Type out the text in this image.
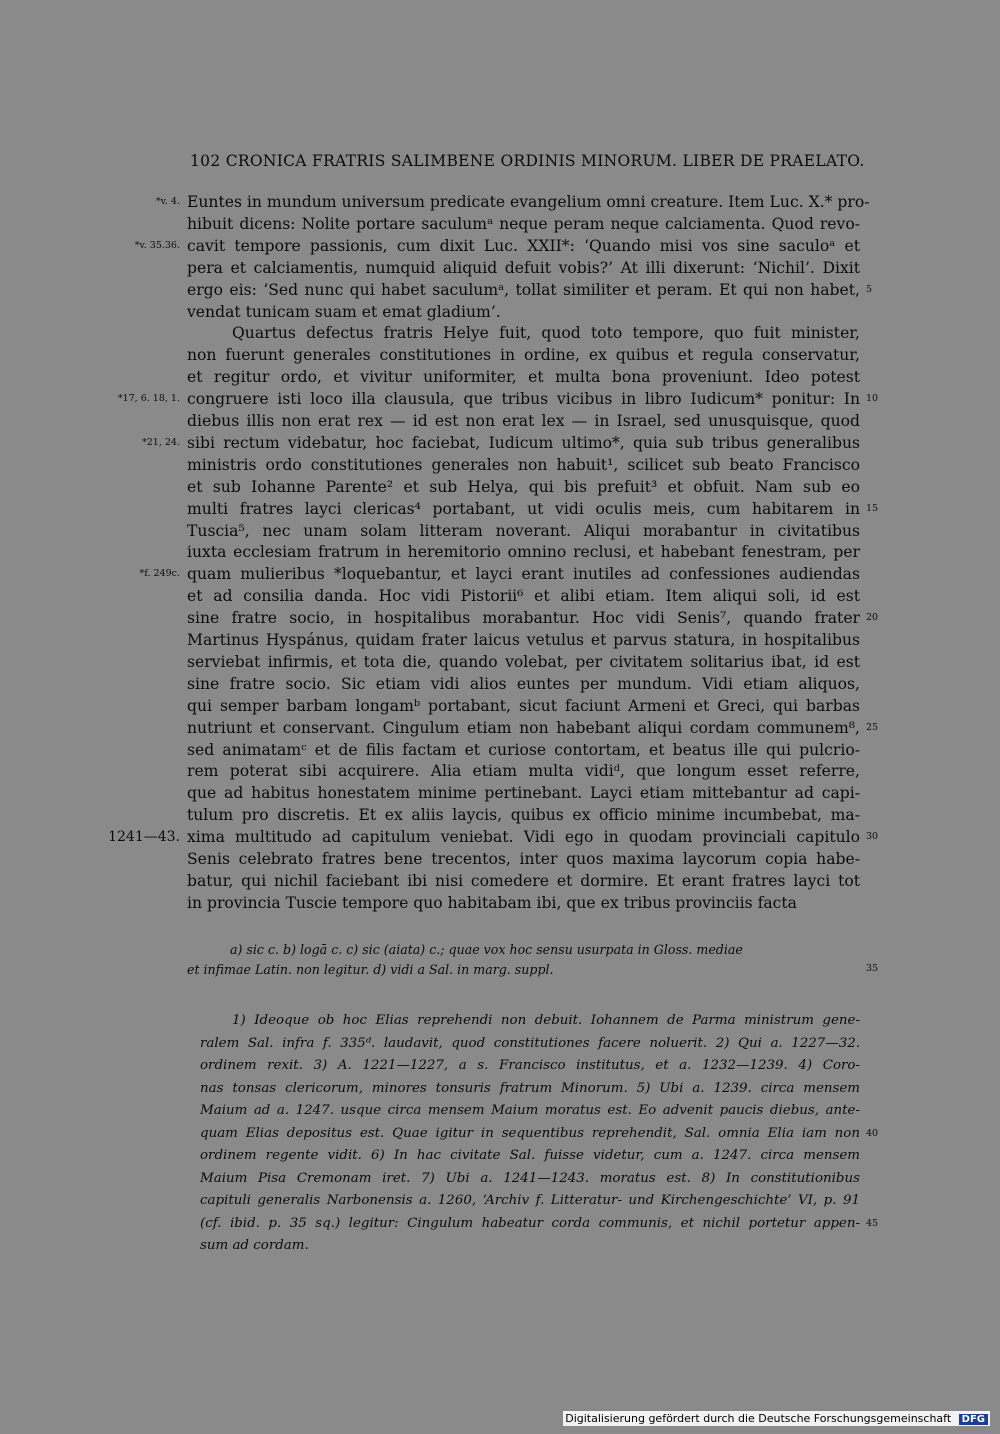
102 CRONICA FRATRIS SALIMBENE ORDINIS MINORUM. LIBER DE PRAELATO.
Euntes in mundum universum predicate evangelium omni creature. Item Luc. X.* pro-
hibuit dicens: Nolite portare saculumᵃ neque peram neque calciamenta. Quod revo-
cavit tempore passionis, cum dixit Luc. XXII*: ‘Quando misi vos sine saculoᵃ et
pera et calciamentis, numquid aliquid defuit vobis?’ At illi dixerunt: ‘Nichil’. Dixit
ergo eis: ‘Sed nunc qui habet saculumᵃ, tollat similiter et peram. Et qui non habet,
vendat tunicam suam et emat gladium’.
Quartus defectus fratris Helye fuit, quod toto tempore, quo fuit minister,
non fuerunt generales constitutiones in ordine, ex quibus et regula conservatur,
et regitur ordo, et vivitur uniformiter, et multa bona proveniunt. Ideo potest
congruere isti loco illa clausula, que tribus vicibus in libro Iudicum* ponitur: In
diebus illis non erat rex — id est non erat lex — in Israel, sed unusquisque, quod
sibi rectum videbatur, hoc faciebat, Iudicum ultimo*, quia sub tribus generalibus
ministris ordo constitutiones generales non habuit¹, scilicet sub beato Francisco
et sub Iohanne Parente² et sub Helya, qui bis prefuit³ et obfuit. Nam sub eo
multi fratres layci clericas⁴ portabant, ut vidi oculis meis, cum habitarem in
Tuscia⁵, nec unam solam litteram noverant. Aliqui morabantur in civitatibus
iuxta ecclesiam fratrum in heremitorio omnino reclusi, et habebant fenestram, per
quam mulieribus *loquebantur, et layci erant inutiles ad confessiones audiendas
et ad consilia danda. Hoc vidi Pistorii⁶ et alibi etiam. Item aliqui soli, id est
sine fratre socio, in hospitalibus morabantur. Hoc vidi Senis⁷, quando frater
Martinus Hyspánus, quidam frater laicus vetulus et parvus statura, in hospitalibus
serviebat infirmis, et tota die, quando volebat, per civitatem solitarius ibat, id est
sine fratre socio. Sic etiam vidi alios euntes per mundum. Vidi etiam aliquos,
qui semper barbam longamᵇ portabant, sicut faciunt Armeni et Greci, qui barbas
nutriunt et conservant. Cingulum etiam non habebant aliqui cordam communem⁸,
sed animatamᶜ et de filis factam et curiose contortam, et beatus ille qui pulcrio-
rem poterat sibi acquirere. Alia etiam multa vidiᵈ, que longum esset referre,
que ad habitus honestatem minime pertinebant. Layci etiam mittebantur ad capi-
tulum pro discretis. Et ex aliis laycis, quibus ex officio minime incumbebat, ma-
xima multitudo ad capitulum veniebat. Vidi ego in quodam provinciali capitulo
Senis celebrato fratres bene trecentos, inter quos maxima laycorum copia habe-
batur, qui nichil faciebant ibi nisi comedere et dormire. Et erant fratres layci tot
in provincia Tuscie tempore quo habitabam ibi, que ex tribus provinciis facta
*v. 4.
*v. 35.36.
*17, 6. 18, 1.
*21, 24.
*f. 249c.
1241—43.
5
10
15
20
25
30
a) sic c. b) logā c. c) sic (aiata) c.; quae vox hoc sensu usurpata in Gloss. mediae
et infimae Latin. non legitur. d) vidi a Sal. in marg. suppl.	35
1) Ideoque ob hoc Elias reprehendi non debuit. Iohannem de Parma ministrum gene-
ralem Sal. infra f. 335ᵈ. laudavit, quod constitutiones facere noluerit. 2) Qui a. 1227—32.
ordinem rexit. 3) A. 1221—1227, a s. Francisco institutus, et a. 1232—1239. 4) Coro-
nas tonsas clericorum, minores tonsuris fratrum Minorum. 5) Ubi a. 1239. circa mensem
Maium ad a. 1247. usque circa mensem Maium moratus est. Eo advenit paucis diebus, ante-
quam Elias depositus est. Quae igitur in sequentibus reprehendit, Sal. omnia Elia iam non
ordinem regente vidit. 6) In hac civitate Sal. fuisse videtur, cum a. 1247. circa mensem
Maium Pisa Cremonam iret. 7) Ubi a. 1241—1243. moratus est. 8) In constitutionibus
capituli generalis Narbonensis a. 1260, ‘Archiv f. Litteratur- und Kirchengeschichte’ VI, p. 91
(cf. ibid. p. 35 sq.) legitur: Cingulum habeatur corda communis, et nichil portetur appen-
sum ad cordam.
40
45
Digitalisierung gefördert durch die Deutsche Forschungsgemeinschaft DFG
